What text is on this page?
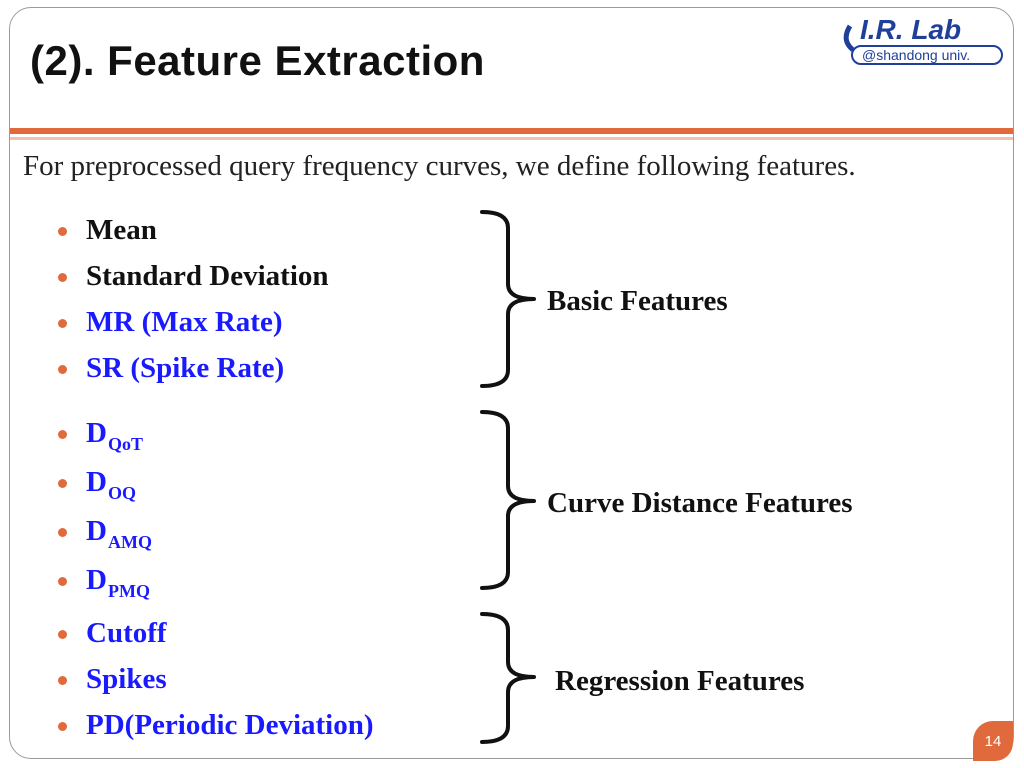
(2). Feature Extraction
I.R. Lab
@shandong univ.

For preprocessed query frequency curves, we define following features.

Mean
Standard Deviation
MR (Max Rate)
SR (Spike Rate)

Basic Features

$D_{QoT}$
$D_{OQ}$
$D_{AMQ}$
$D_{PMQ}$

Curve Distance Features

Cutoff
Spikes
PD(Periodic Deviation)

Regression Features

14
